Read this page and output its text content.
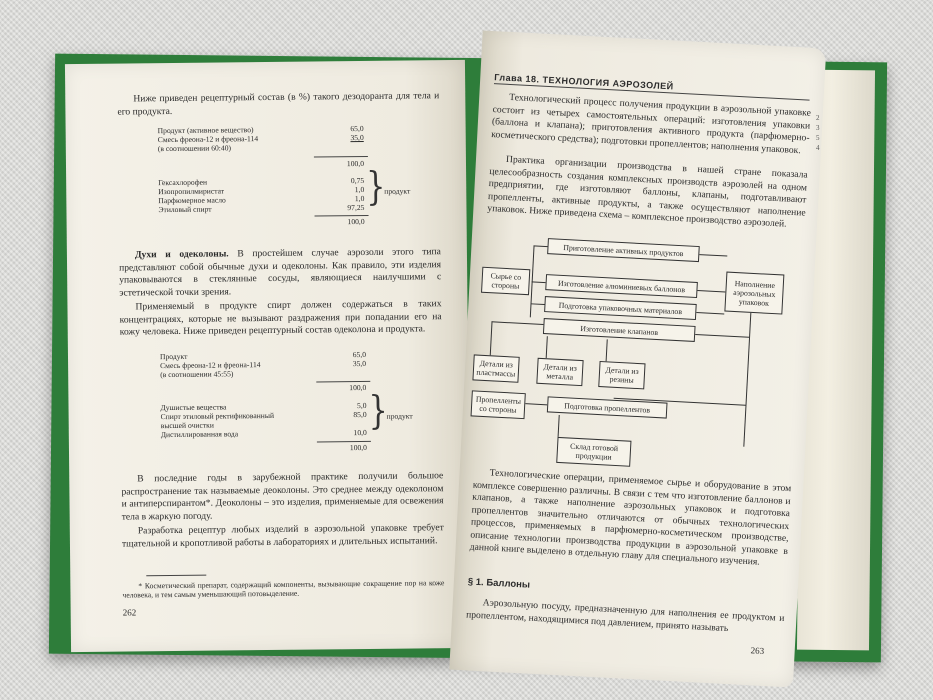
Ниже приведен рецептурный состав (в %) такого дезодоранта для тела и его продукта.
Продукт (активное вещество)	65,0
Смесь фреона-12 и фреона-114	35,0
(в соотношении 60:40)
100,0
Гексахлорофен	0,75
Изопропилмиристат	1,0
Парфюмерное масло	1,0
Этиловый спирт	97,25 }
продукт
100,0
Духи и одеколоны. В простейшем случае аэрозоли этого типа представляют собой обычные духи и одеколоны. Как правило, эти изделия упаковываются в стеклянные сосуды, являющиеся наилучшими с эстетической точки зрения.
Применяемый в продукте спирт должен содержаться в таких концентрациях, которые не вызывают раздражения при попадании его на кожу человека. Ниже приведен рецептурный состав одеколона и продукта.
Продукт	65,0
Смесь фреона-12 и фреона-114	35,0
(в соотношении 45:55)
100,0
Душистые вещества	5,0
Спирт этиловый ректификованный	85,0
высшей очистки
Дистиллированная вода	10,0 }
продукт
100,0
В последние годы в зарубежной практике получили большое распространение так называемые деоколоны. Это среднее между одеколоном и антиперспирантом*. Деоколоны – это изделия, применяемые для освежения тела в жаркую погоду.
Разработка рецептур любых изделий в аэрозольной упаковке требует тщательной и кропотливой работы в лабораториях и длительных испытаний.
* Косметический препарат, содержащий компоненты, вызывающие сокращение пор на коже человека, и тем самым уменьшающий потовыделение.
262
Глава 18. ТЕХНОЛОГИЯ АЭРОЗОЛЕЙ
Технологический процесс получения продукции в аэрозольной упаковке состоит из четырех самостоятельных операций: изготовления упаковки (баллона и клапана); приготовления активного продукта (парфюмерно-косметического средства); подготовки пропеллентов; наполнения упаковок.
Практика организации производства в нашей стране показала целесообразность создания комплексных производств аэрозолей на одном предприятии, где изготовляют баллоны, клапаны, подготавливают пропелленты, активные продукты, а также осуществляют наполнение упаковок. Ниже приведена схема – комплексное производство аэрозолей.
Приготовление активных продуктов
Сырье со стороны	Изготовление алюминиевых баллонов
Подготовка упаковочных материалов
Изготовление клапанов
Наполнение аэрозольных упаковок
Детали из пластмассы
Детали из металла
Детали из резины
Пропелленты со стороны	Подготовка пропеллентов
Склад готовой продукции
Технологические операции, применяемое сырье и оборудование в этом комплексе совершенно различны. В связи с тем что изготовление баллонов и клапанов, а также наполнение аэрозольных упаковок и подготовка пропеллентов значительно отличаются от обычных технологических процессов, применяемых в парфюмерно-косметическом производстве, описание технологии производства продукции в аэрозольной упаковке в данной книге выделено в отдельную главу для специального изучения.
§ 1. Баллоны
Аэрозольную посуду, предназначенную для наполнения ее продуктом и пропеллентом, находящимися под давлением, принято называть
263
2
3
5
4
